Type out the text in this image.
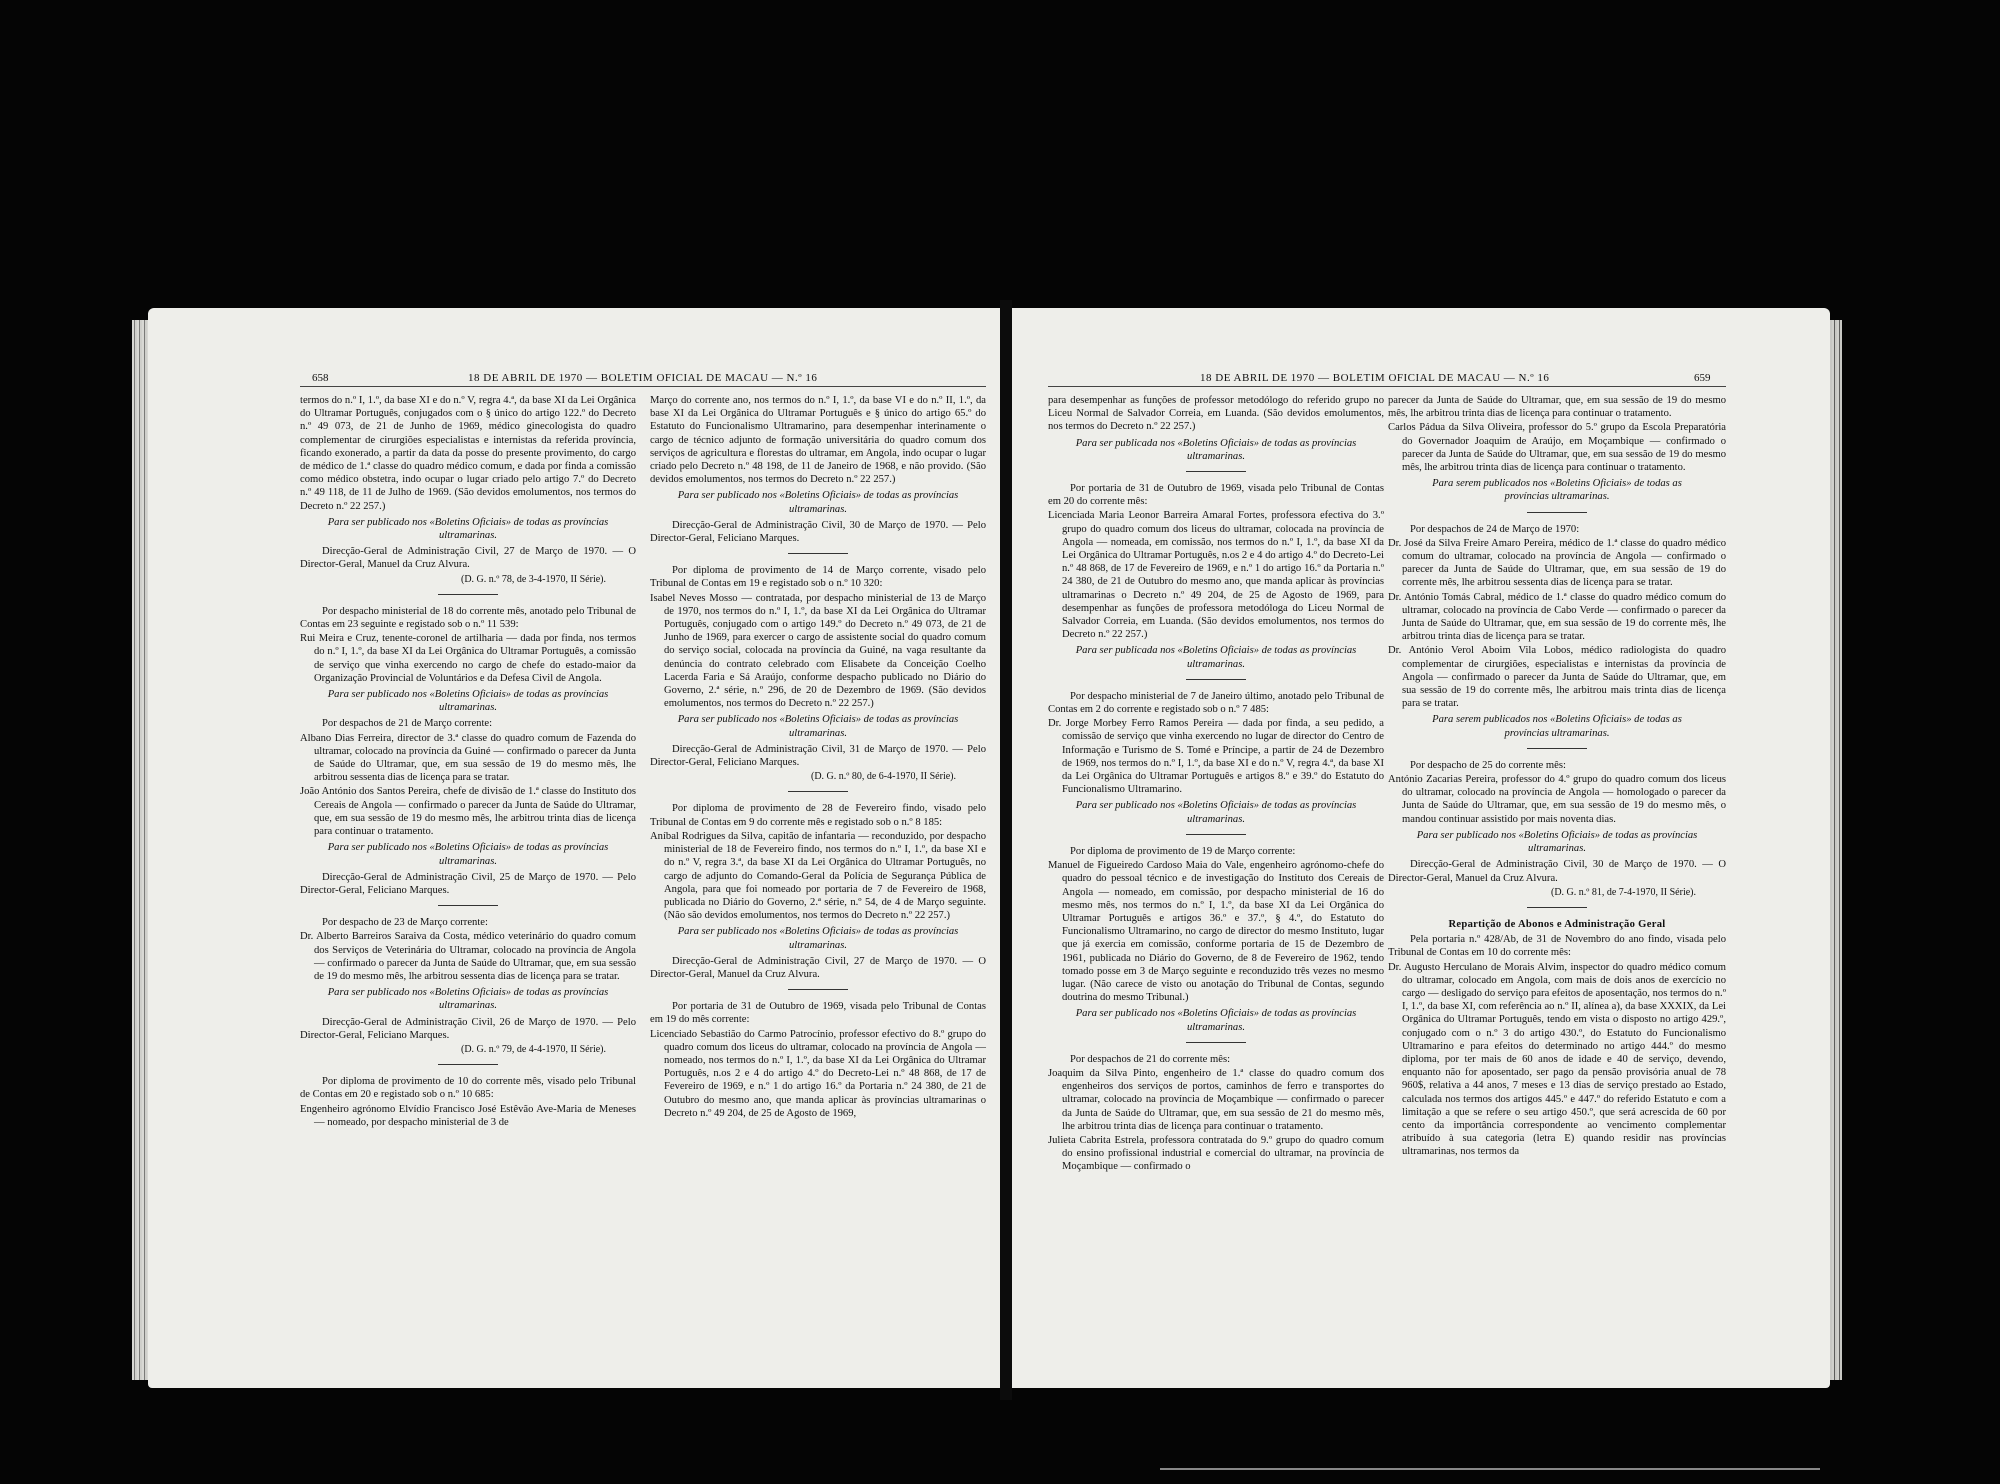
658	18 DE ABRIL DE 1970 — BOLETIM OFICIAL DE MACAU — N.º 16	18 DE ABRIL DE 1970 — BOLETIM OFICIAL DE MACAU — N.º 16	659

termos do n.º I, 1.º, da base XI e do n.º V, regra 4.ª, da base XI da Lei Orgânica do Ultramar Português, conjugados com o § único do artigo 122.º do Decreto n.º 49 073, de 21 de Junho de 1969, médico ginecologista do quadro complementar de cirurgiões especialistas e internistas da referida província, ficando exonerado, a partir da data da posse do presente provimento, do cargo de médico de 1.ª classe do quadro médico comum, e dada por finda a comissão como médico obstetra, indo ocupar o lugar criado pelo artigo 7.º do Decreto n.º 49 118, de 11 de Julho de 1969. (São devidos emolumentos, nos termos do Decreto n.º 22 257.)

Para ser publicado nos «Boletins Oficiais» de todas as províncias ultramarinas.

Direcção-Geral de Administração Civil, 27 de Março de 1970. — O Director-Geral, Manuel da Cruz Alvura.

(D. G. n.º 78, de 3-4-1970, II Série).

Por despacho ministerial de 18 do corrente mês, anotado pelo Tribunal de Contas em 23 seguinte e registado sob o n.º 11 539:

Rui Meira e Cruz, tenente-coronel de artilharia — dada por finda, nos termos do n.º I, 1.º, da base XI da Lei Orgânica do Ultramar Português, a comissão de serviço que vinha exercendo no cargo de chefe do estado-maior da Organização Provincial de Voluntários e da Defesa Civil de Angola.

Para ser publicado nos «Boletins Oficiais» de todas as províncias ultramarinas.

Por despachos de 21 de Março corrente:

Albano Dias Ferreira, director de 3.ª classe do quadro comum de Fazenda do ultramar, colocado na província da Guiné — confirmado o parecer da Junta de Saúde do Ultramar, que, em sua sessão de 19 do mesmo mês, lhe arbitrou sessenta dias de licença para se tratar.

João António dos Santos Pereira, chefe de divisão de 1.ª classe do Instituto dos Cereais de Angola — confirmado o parecer da Junta de Saúde do Ultramar, que, em sua sessão de 19 do mesmo mês, lhe arbitrou trinta dias de licença para continuar o tratamento.

Para ser publicado nos «Boletins Oficiais» de todas as províncias ultramarinas.

Direcção-Geral de Administração Civil, 25 de Março de 1970. — Pelo Director-Geral, Feliciano Marques.

Por despacho de 23 de Março corrente:

Dr. Alberto Barreiros Saraiva da Costa, médico veterinário do quadro comum dos Serviços de Veterinária do Ultramar, colocado na província de Angola — confirmado o parecer da Junta de Saúde do Ultramar, que, em sua sessão de 19 do mesmo mês, lhe arbitrou sessenta dias de licença para se tratar.

Para ser publicado nos «Boletins Oficiais» de todas as províncias ultramarinas.

Direcção-Geral de Administração Civil, 26 de Março de 1970. — Pelo Director-Geral, Feliciano Marques.

(D. G. n.º 79, de 4-4-1970, II Série).

Por diploma de provimento de 10 do corrente mês, visado pelo Tribunal de Contas em 20 e registado sob o n.º 10 685:

Engenheiro agrónomo Elvídio Francisco José Estêvão Ave-Maria de Meneses — nomeado, por despacho ministerial de 3 de

Março do corrente ano, nos termos do n.º I, 1.º, da base VI e do n.º II, 1.º, da base XI da Lei Orgânica do Ultramar Português e § único do artigo 65.º do Estatuto do Funcionalismo Ultramarino, para desempenhar interinamente o cargo de técnico adjunto de formação universitária do quadro comum dos serviços de agricultura e florestas do ultramar, em Angola, indo ocupar o lugar criado pelo Decreto n.º 48 198, de 11 de Janeiro de 1968, e não provido. (São devidos emolumentos, nos termos do Decreto n.º 22 257.)

Para ser publicado nos «Boletins Oficiais» de todas as províncias ultramarinas.

Direcção-Geral de Administração Civil, 30 de Março de 1970. — Pelo Director-Geral, Feliciano Marques.

Por diploma de provimento de 14 de Março corrente, visado pelo Tribunal de Contas em 19 e registado sob o n.º 10 320:

Isabel Neves Mosso — contratada, por despacho ministerial de 13 de Março de 1970, nos termos do n.º I, 1.º, da base XI da Lei Orgânica do Ultramar Português, conjugado com o artigo 149.º do Decreto n.º 49 073, de 21 de Junho de 1969, para exercer o cargo de assistente social do quadro comum do serviço social, colocada na província da Guiné, na vaga resultante da denúncia do contrato celebrado com Elisabete da Conceição Coelho Lacerda Faria e Sá Araújo, conforme despacho publicado no Diário do Governo, 2.ª série, n.º 296, de 20 de Dezembro de 1969. (São devidos emolumentos, nos termos do Decreto n.º 22 257.)

Para ser publicado nos «Boletins Oficiais» de todas as províncias ultramarinas.

Direcção-Geral de Administração Civil, 31 de Março de 1970. — Pelo Director-Geral, Feliciano Marques.

(D. G. n.º 80, de 6-4-1970, II Série).

Por diploma de provimento de 28 de Fevereiro findo, visado pelo Tribunal de Contas em 9 do corrente mês e registado sob o n.º 8 185:

Aníbal Rodrigues da Silva, capitão de infantaria — reconduzido, por despacho ministerial de 18 de Fevereiro findo, nos termos do n.º I, 1.º, da base XI e do n.º V, regra 3.ª, da base XI da Lei Orgânica do Ultramar Português, no cargo de adjunto do Comando-Geral da Polícia de Segurança Pública de Angola, para que foi nomeado por portaria de 7 de Fevereiro de 1968, publicada no Diário do Governo, 2.ª série, n.º 54, de 4 de Março seguinte. (Não são devidos emolumentos, nos termos do Decreto n.º 22 257.)

Para ser publicado nos «Boletins Oficiais» de todas as províncias ultramarinas.

Direcção-Geral de Administração Civil, 27 de Março de 1970. — O Director-Geral, Manuel da Cruz Alvura.

Por portaria de 31 de Outubro de 1969, visada pelo Tribunal de Contas em 19 do mês corrente:

Licenciado Sebastião do Carmo Patrocínio, professor efectivo do 8.º grupo do quadro comum dos liceus do ultramar, colocado na província de Angola — nomeado, nos termos do n.º I, 1.º, da base XI da Lei Orgânica do Ultramar Português, n.os 2 e 4 do artigo 4.º do Decreto-Lei n.º 48 868, de 17 de Fevereiro de 1969, e n.º 1 do artigo 16.º da Portaria n.º 24 380, de 21 de Outubro do mesmo ano, que manda aplicar às províncias ultramarinas o Decreto n.º 49 204, de 25 de Agosto de 1969,

para desempenhar as funções de professor metodólogo do referido grupo no Liceu Normal de Salvador Correia, em Luanda. (São devidos emolumentos, nos termos do Decreto n.º 22 257.)

Para ser publicada nos «Boletins Oficiais» de todas as províncias ultramarinas.

Por portaria de 31 de Outubro de 1969, visada pelo Tribunal de Contas em 20 do corrente mês:

Licenciada Maria Leonor Barreira Amaral Fortes, professora efectiva do 3.º grupo do quadro comum dos liceus do ultramar, colocada na província de Angola — nomeada, em comissão, nos termos do n.º I, 1.º, da base XI da Lei Orgânica do Ultramar Português, n.os 2 e 4 do artigo 4.º do Decreto-Lei n.º 48 868, de 17 de Fevereiro de 1969, e n.º 1 do artigo 16.º da Portaria n.º 24 380, de 21 de Outubro do mesmo ano, que manda aplicar às províncias ultramarinas o Decreto n.º 49 204, de 25 de Agosto de 1969, para desempenhar as funções de professora metodóloga do Liceu Normal de Salvador Correia, em Luanda. (São devidos emolumentos, nos termos do Decreto n.º 22 257.)

Para ser publicada nos «Boletins Oficiais» de todas as províncias ultramarinas.

Por despacho ministerial de 7 de Janeiro último, anotado pelo Tribunal de Contas em 2 do corrente e registado sob o n.º 7 485:

Dr. Jorge Morbey Ferro Ramos Pereira — dada por finda, a seu pedido, a comissão de serviço que vinha exercendo no lugar de director do Centro de Informação e Turismo de S. Tomé e Príncipe, a partir de 24 de Dezembro de 1969, nos termos do n.º I, 1.º, da base XI e do n.º V, regra 4.ª, da base XI da Lei Orgânica do Ultramar Português e artigos 8.º e 39.º do Estatuto do Funcionalismo Ultramarino.

Para ser publicado nos «Boletins Oficiais» de todas as províncias ultramarinas.

Por diploma de provimento de 19 de Março corrente:

Manuel de Figueiredo Cardoso Maia do Vale, engenheiro agrónomo-chefe do quadro do pessoal técnico e de investigação do Instituto dos Cereais de Angola — nomeado, em comissão, por despacho ministerial de 16 do mesmo mês, nos termos do n.º I, 1.º, da base XI da Lei Orgânica do Ultramar Português e artigos 36.º e 37.º, § 4.º, do Estatuto do Funcionalismo Ultramarino, no cargo de director do mesmo Instituto, lugar que já exercia em comissão, conforme portaria de 15 de Dezembro de 1961, publicada no Diário do Governo, de 8 de Fevereiro de 1962, tendo tomado posse em 3 de Março seguinte e reconduzido três vezes no mesmo lugar. (Não carece de visto ou anotação do Tribunal de Contas, segundo doutrina do mesmo Tribunal.)

Para ser publicado nos «Boletins Oficiais» de todas as províncias ultramarinas.

Por despachos de 21 do corrente mês:

Joaquim da Silva Pinto, engenheiro de 1.ª classe do quadro comum dos engenheiros dos serviços de portos, caminhos de ferro e transportes do ultramar, colocado na província de Moçambique — confirmado o parecer da Junta de Saúde do Ultramar, que, em sua sessão de 21 do mesmo mês, lhe arbitrou trinta dias de licença para continuar o tratamento.

Julieta Cabrita Estrela, professora contratada do 9.º grupo do quadro comum do ensino profissional industrial e comercial do ultramar, na província de Moçambique — confirmado o

parecer da Junta de Saúde do Ultramar, que, em sua sessão de 19 do mesmo mês, lhe arbitrou trinta dias de licença para continuar o tratamento.

Carlos Pádua da Silva Oliveira, professor do 5.º grupo da Escola Preparatória do Governador Joaquim de Araújo, em Moçambique — confirmado o parecer da Junta de Saúde do Ultramar, que, em sua sessão de 19 do mesmo mês, lhe arbitrou trinta dias de licença para continuar o tratamento.

Para serem publicados nos «Boletins Oficiais» de todas as províncias ultramarinas.

Por despachos de 24 de Março de 1970:

Dr. José da Silva Freire Amaro Pereira, médico de 1.ª classe do quadro médico comum do ultramar, colocado na província de Angola — confirmado o parecer da Junta de Saúde do Ultramar, que, em sua sessão de 19 do corrente mês, lhe arbitrou sessenta dias de licença para se tratar.

Dr. António Tomás Cabral, médico de 1.ª classe do quadro médico comum do ultramar, colocado na província de Cabo Verde — confirmado o parecer da Junta de Saúde do Ultramar, que, em sua sessão de 19 do corrente mês, lhe arbitrou trinta dias de licença para se tratar.

Dr. António Verol Aboim Vila Lobos, médico radiologista do quadro complementar de cirurgiões, especialistas e internistas da província de Angola — confirmado o parecer da Junta de Saúde do Ultramar, que, em sua sessão de 19 do corrente mês, lhe arbitrou mais trinta dias de licença para se tratar.

Para serem publicados nos «Boletins Oficiais» de todas as províncias ultramarinas.

Por despacho de 25 do corrente mês:

António Zacarias Pereira, professor do 4.º grupo do quadro comum dos liceus do ultramar, colocado na província de Angola — homologado o parecer da Junta de Saúde do Ultramar, que, em sua sessão de 19 do mesmo mês, o mandou continuar assistido por mais noventa dias.

Para ser publicado nos «Boletins Oficiais» de todas as províncias ultramarinas.

Direcção-Geral de Administração Civil, 30 de Março de 1970. — O Director-Geral, Manuel da Cruz Alvura.

(D. G. n.º 81, de 7-4-1970, II Série).

Repartição de Abonos e Administração Geral

Pela portaria n.º 428/Ab, de 31 de Novembro do ano findo, visada pelo Tribunal de Contas em 10 do corrente mês:

Dr. Augusto Herculano de Morais Alvim, inspector do quadro médico comum do ultramar, colocado em Angola, com mais de dois anos de exercício no cargo — desligado do serviço para efeitos de aposentação, nos termos do n.º I, 1.º, da base XI, com referência ao n.º II, alínea a), da base XXXIX, da Lei Orgânica do Ultramar Português, tendo em vista o disposto no artigo 429.º, conjugado com o n.º 3 do artigo 430.º, do Estatuto do Funcionalismo Ultramarino e para efeitos do determinado no artigo 444.º do mesmo diploma, por ter mais de 60 anos de idade e 40 de serviço, devendo, enquanto não for aposentado, ser pago da pensão provisória anual de 78 960$, relativa a 44 anos, 7 meses e 13 dias de serviço prestado ao Estado, calculada nos termos dos artigos 445.º e 447.º do referido Estatuto e com a limitação a que se refere o seu artigo 450.º, que será acrescida de 60 por cento da importância correspondente ao vencimento complementar atribuído à sua categoria (letra E) quando residir nas províncias ultramarinas, nos termos da
